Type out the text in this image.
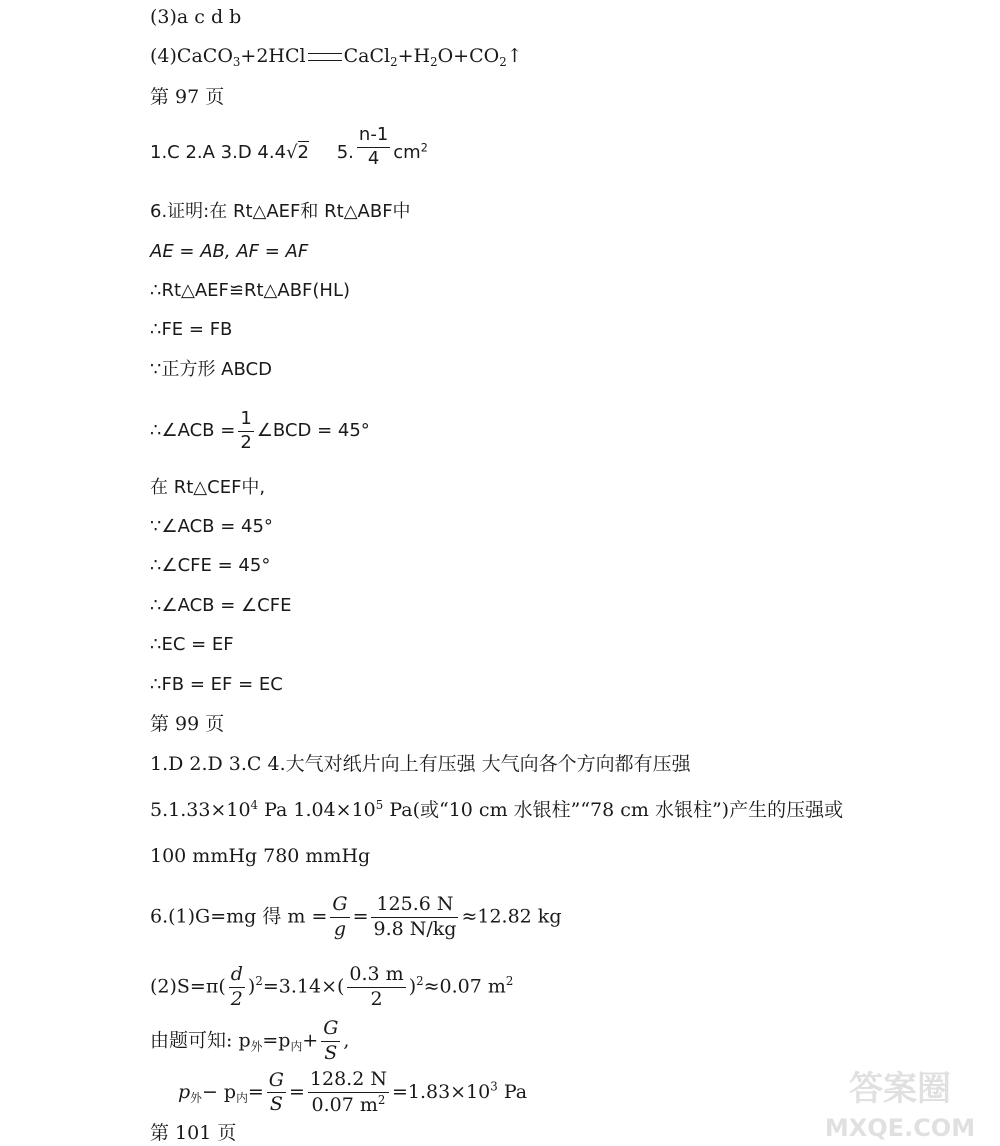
(3)a c d b
(4)CaCO$_3$+2HCl $CaCl_2+H_2O+CO_2↑$
第 97 页
1.C 2.A 3.D 4.4√2 5. $\frac{n-1}{4} cm^2$
6.证明:在 Rt△AEF和 Rt△ABF中
AE = AB, AF = AF
∴Rt△AEF≌Rt△ABF(HL)
∴FE = FB
∵正方形 ABCD
∴∠ACB = $\frac{1}{2}$ ∠BCD = 45°
在 Rt△CEF中,
∵∠ACB = 45°
∴∠CFE = 45°
∴∠ACB = ∠CFE
∴EC = EF
∴FB = EF = EC
第 99 页
1.D 2.D 3.C 4.大气对纸片向上有压强 大气向各个方向都有压强
$5.1.33\times 10^4$ Pa $1.04\times 10^5$ Pa(或“10 cm 水银柱”“78 cm 水银柱”)产生的压强或
100 mmHg 780 mmHg
6.(1)G=mg 得 $m = \frac{G}{g} = \frac{125.6 N}{9.8 N/kg} \approx 12.82$ kg
$(2)S=\pi( \frac{d}{2} )^2=3.14\times( \frac{0.3 m}{2} )^2\approx 0.07$ $m^2$
由题可知: $p_外=p_内+ \frac{G}{S}$ ,
$p_外- p_内= \frac{G}{S} = \frac{128.2 N}{0.07 m^2} =1.83\times 10^3$ Pa
第 101 页
答案圈
MXQE.COM
